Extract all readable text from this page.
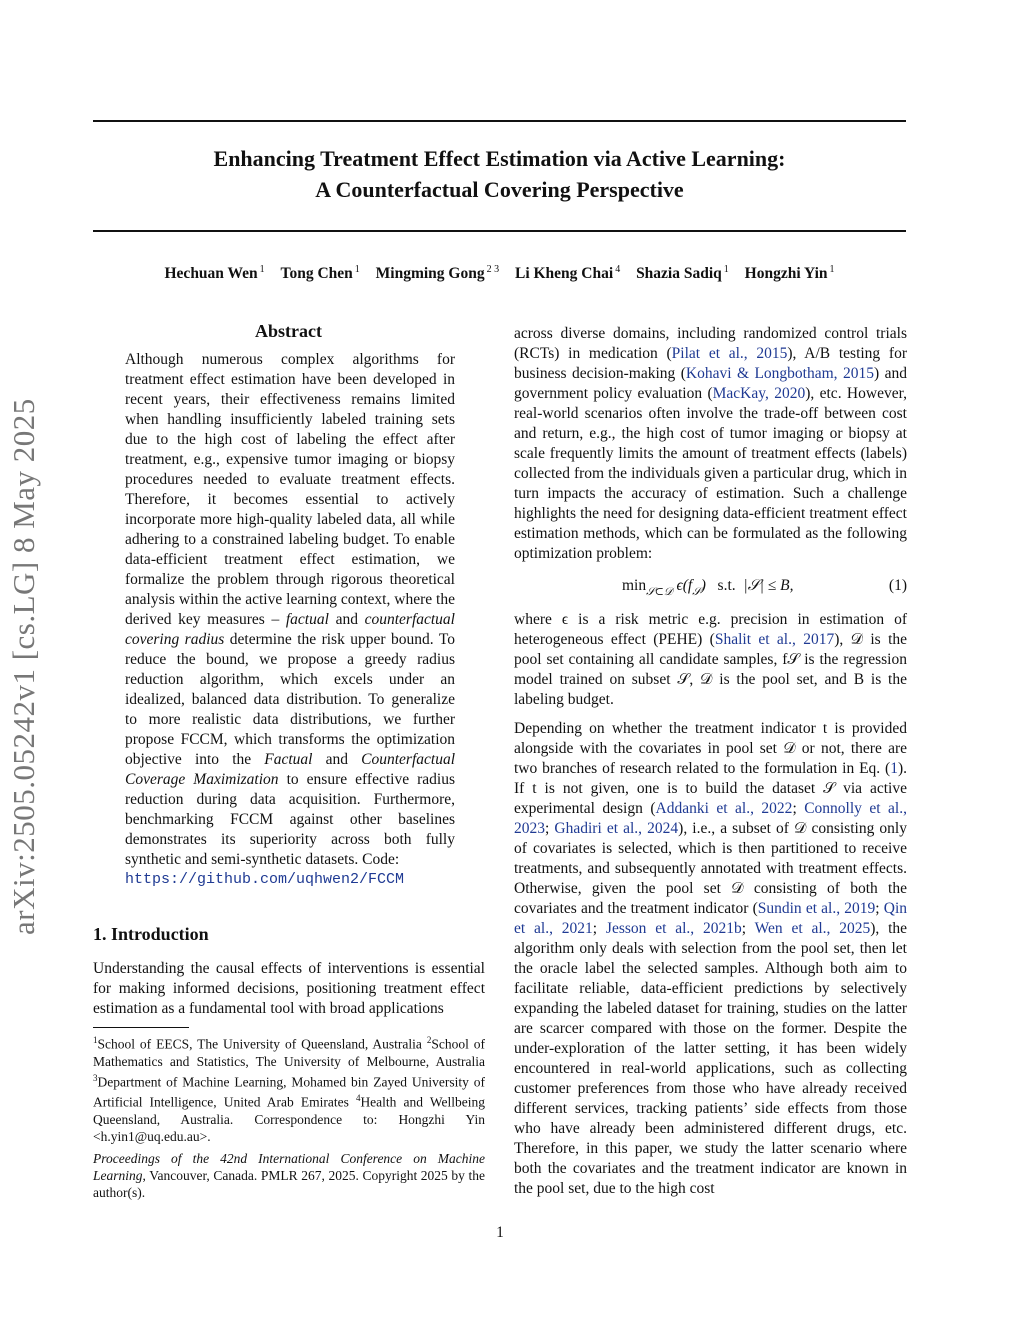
Enhancing Treatment Effect Estimation via Active Learning:
A Counterfactual Covering Perspective
Hechuan Wen $^1$ Tong Chen $^1$ Mingming Gong $^{2 3}$ Li Kheng Chai $^4$ Shazia Sadiq $^1$ Hongzhi Yin $^1$
arXiv:2505.05242v1 [cs.LG] 8 May 2025
Abstract
Although numerous complex algorithms for treatment effect estimation have been developed in recent years, their effectiveness remains limited when handling insufficiently labeled training sets due to the high cost of labeling the effect after treatment, e.g., expensive tumor imaging or biopsy procedures needed to evaluate treatment effects. Therefore, it becomes essential to actively incorporate more high-quality labeled data, all while adhering to a constrained labeling budget. To enable data-efficient treatment effect estimation, we formalize the problem through rigorous theoretical analysis within the active learning context, where the derived key measures – factual and counterfactual covering radius determine the risk upper bound. To reduce the bound, we propose a greedy radius reduction algorithm, which excels under an idealized, balanced data distribution. To generalize to more realistic data distributions, we further propose FCCM, which transforms the optimization objective into the Factual and Counterfactual Coverage Maximization to ensure effective radius reduction during data acquisition. Furthermore, benchmarking FCCM against other baselines demonstrates its superiority across both fully synthetic and semi-synthetic datasets. Code:
https://github.com/uqhwen2/FCCM
1. Introduction

Understanding the causal effects of interventions is essential for making informed decisions, positioning treatment effect estimation as a fundamental tool with broad applications

$^1$School of EECS, The University of Queensland, Australia $^2$School of Mathematics and Statistics, The University of Melbourne, Australia $^3$Department of Machine Learning, Mohamed bin Zayed University of Artificial Intelligence, United Arab Emirates $^4$Health and Wellbeing Queensland, Australia. Correspondence to: Hongzhi Yin <h.yin1@uq.edu.au>.
Proceedings of the 42nd International Conference on Machine Learning, Vancouver, Canada. PMLR 267, 2025. Copyright 2025 by the author(s).

across diverse domains, including randomized control trials (RCTs) in medication (Pilat et al., 2015), A/B testing for business decision-making (Kohavi & Longbotham, 2015) and government policy evaluation (MacKay, 2020), etc. However, real-world scenarios often involve the trade-off between cost and return, e.g., the high cost of tumor imaging or biopsy at scale frequently limits the amount of treatment effects (labels) collected from the individuals given a particular drug, which in turn impacts the accuracy of estimation. Such a challenge highlights the need for designing data-efficient treatment effect estimation methods, which can be formulated as the following optimization problem:

$\min_{𝒮\subset 𝒟} \epsilon(f_𝒮)$   s.t.  |𝒮| ≤ B,	(1)

where ϵ is a risk metric e.g. precision in estimation of heterogeneous effect (PEHE) (Shalit et al., 2017), 𝒟 is the pool set containing all candidate samples, f𝒮 is the regression model trained on subset 𝒮, 𝒟 is the pool set, and B is the labeling budget.

Depending on whether the treatment indicator t is provided alongside with the covariates in pool set 𝒟 or not, there are two branches of research related to the formulation in Eq. (1). If t is not given, one is to build the dataset 𝒮 via active experimental design (Addanki et al., 2022; Connolly et al., 2023; Ghadiri et al., 2024), i.e., a subset of 𝒟 consisting only of covariates is selected, which is then partitioned to receive treatments, and subsequently annotated with treatment effects. Otherwise, given the pool set 𝒟 consisting of both the covariates and the treatment indicator (Sundin et al., 2019; Qin et al., 2021; Jesson et al., 2021b; Wen et al., 2025), the algorithm only deals with selection from the pool set, then let the oracle label the selected samples. Although both aim to facilitate reliable, data-efficient predictions by selectively expanding the labeled dataset for training, studies on the latter are scarcer compared with those on the former. Despite the under-exploration of the latter setting, it has been widely encountered in real-world applications, such as collecting customer preferences from those who have already received different services, tracking patients’ side effects from those who have already been administered different drugs, etc. Therefore, in this paper, we study the latter scenario where both the covariates and the treatment indicator are known in the pool set, due to the high cost

1
